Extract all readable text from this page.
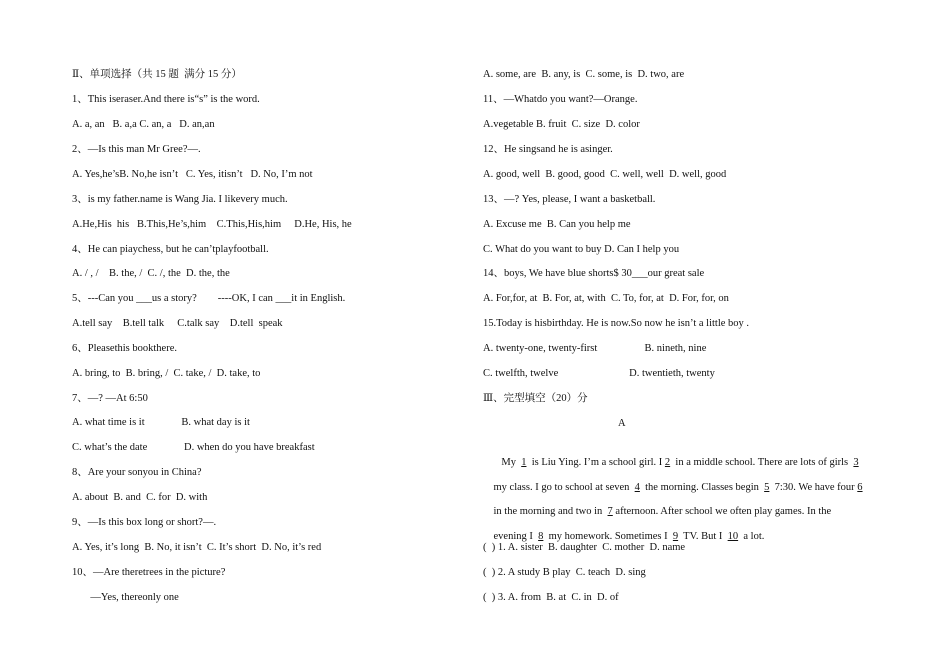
Ⅱ、单项选择（共 15 题  满分 15 分）
1、This iseraser.And there is“s” is the word.
A. a, an   B. a,a C. an, a   D. an,an
2、—Is this man Mr Gree?—.
A. Yes,he’sB. No,he isn’t   C. Yes, itisn’t   D. No, I’m not
3、is my father.name is Wang Jia. I likevery much.
A.He,His  his   B.This,He’s,him    C.This,His,him     D.He, His, he
4、He can piaychess, but he can’tplayfootball.
A. / , /    B. the, /  C. /, the  D. the, the
5、---Can you ___us a story?        ----OK, I can ___it in English.
A.tell say    B.tell talk     C.talk say    D.tell  speak
6、Pleasethis bookthere.
A. bring, to  B. bring, /  C. take, /  D. take, to
7、—? —At 6:50
A. what time is it              B. what day is it
C. what’s the date              D. when do you have breakfast
8、Are your sonyou in China?
A. about  B. and  C. for  D. with
9、—Is this box long or short?—.
A. Yes, it’s long  B. No, it isn’t  C. It’s short  D. No, it’s red
10、—Are theretrees in the picture?
—Yes, thereonly one
A. some, are  B. any, is  C. some, is  D. two, are
11、—Whatdo you want?—Orange.
A.vegetable B. fruit  C. size  D. color
12、He singsand he is asinger.
A. good, well  B. good, good  C. well, well  D. well, good
13、—? Yes, please, I want a basketball.
A. Excuse me  B. Can you help me
C. What do you want to buy D. Can I help you
14、boys, We have blue shorts$ 30___our great sale
A. For,for, at  B. For, at, with  C. To, for, at  D. For, for, on
15.Today is hisbirthday. He is now.So now he isn’t a little boy .
A. twenty-one, twenty-first                  B. nineth, nine
C. twelfth, twelve                           D. twentieth, twenty
Ⅲ、完型填空（20）分
A

My  1  is Liu Ying. I’m a school girl. I 2  in a middle school. There are lots of girls  3

my class. I go to school at seven  4  the morning. Classes begin  5  7:30. We have four 6

in the morning and two in  7 afternoon. After school we often play games. In the

evening I  8  my homework. Sometimes I  9  TV. But I  10  a lot.

(  ) 1. A. sister  B. daughter  C. mother  D. name
(  ) 2. A study B play  C. teach  D. sing
(  ) 3. A. from  B. at  C. in  D. of
